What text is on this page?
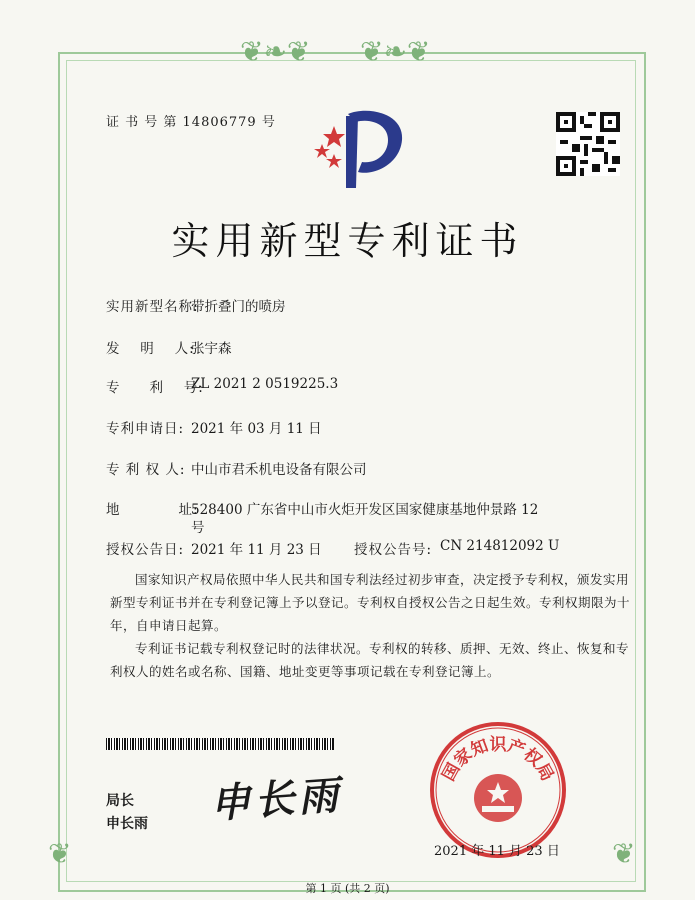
❦❧❦ ❦❧❦
❦	❦
证 书 号 第 14806779 号
实用新型专利证书
实用新型名称:
带折叠门的喷房
发　 明　 人:
张宇森
专　　利　 号:
ZL 2021 2 0519225.3
专利申请日: 2021 年 03 月 11 日
专 利 权 人: 中山市君禾机电设备有限公司
地　　　　址:
528400 广东省中山市火炬开发区国家健康基地仲景路 12
号
授权公告日: 2021 年 11 月 23 日 授权公告号: CN 214812092 U
国家知识产权局依照中华人民共和国专利法经过初步审查，决定授予专利权，颁发实用新型专利证书并在专利登记簿上予以登记。专利权自授权公告之日起生效。专利权期限为十年，自申请日起算。
专利证书记载专利权登记时的法律状况。专利权的转移、质押、无效、终止、恢复和专利权人的姓名或名称、国籍、地址变更等事项记载在专利登记簿上。
局长
申长雨 申长雨	国家知识产权局
2021 年 11 月 23 日
第 1 页 (共 2 页)
